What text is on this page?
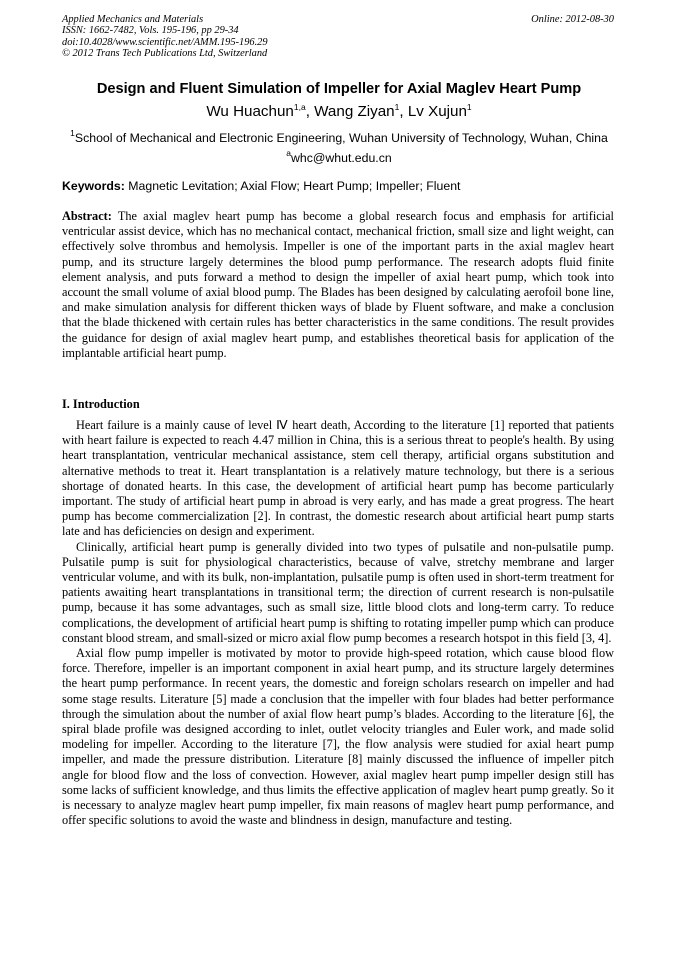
Applied Mechanics and Materials
ISSN: 1662-7482, Vols. 195-196, pp 29-34
doi:10.4028/www.scientific.net/AMM.195-196.29
© 2012 Trans Tech Publications Ltd, Switzerland
Online: 2012-08-30
Design and Fluent Simulation of Impeller for Axial Maglev Heart Pump
Wu Huachun$^{1,a}$, Wang Ziyan$^1$, Lv Xujun$^1$
$^1$School of Mechanical and Electronic Engineering, Wuhan University of Technology, Wuhan, China
$^a$whc@whut.edu.cn
Keywords: Magnetic Levitation; Axial Flow; Heart Pump; Impeller; Fluent
Abstract: The axial maglev heart pump has become a global research focus and emphasis for artificial ventricular assist device, which has no mechanical contact, mechanical friction, small size and light weight, can effectively solve thrombus and hemolysis. Impeller is one of the important parts in the axial maglev heart pump, and its structure largely determines the blood pump performance. The research adopts fluid finite element analysis, and puts forward a method to design the impeller of axial heart pump, which took into account the small volume of axial blood pump. The Blades has been designed by calculating aerofoil bone line, and make simulation analysis for different thicken ways of blade by Fluent software, and make a conclusion that the blade thickened with certain rules has better characteristics in the same conditions. The result provides the guidance for design of axial maglev heart pump, and establishes theoretical basis for application of the implantable artificial heart pump.
I. Introduction

Heart failure is a mainly cause of level Ⅳ heart death, According to the literature [1] reported that patients with heart failure is expected to reach 4.47 million in China, this is a serious threat to people's health. By using heart transplantation, ventricular mechanical assistance, stem cell therapy, artificial organs substitution and alternative methods to treat it. Heart transplantation is a relatively mature technology, but there is a serious shortage of donated hearts. In this case, the development of artificial heart pump has become particularly important. The study of artificial heart pump in abroad is very early, and has made a great progress. The heart pump has become commercialization [2]. In contrast, the domestic research about artificial heart pump starts late and has deficiencies on design and experiment.

Clinically, artificial heart pump is generally divided into two types of pulsatile and non-pulsatile pump. Pulsatile pump is suit for physiological characteristics, because of valve, stretchy membrane and larger ventricular volume, and with its bulk, non-implantation, pulsatile pump is often used in short-term treatment for patients awaiting heart transplantations in transitional term; the direction of current research is non-pulsatile pump, because it has some advantages, such as small size, little blood clots and long-term carry. To reduce complications, the development of artificial heart pump is shifting to rotating impeller pump which can produce constant blood stream, and small-sized or micro axial flow pump becomes a research hotspot in this field [3, 4].

Axial flow pump impeller is motivated by motor to provide high-speed rotation, which cause blood flow force. Therefore, impeller is an important component in axial heart pump, and its structure largely determines the heart pump performance. In recent years, the domestic and foreign scholars research on impeller and had some stage results. Literature [5] made a conclusion that the impeller with four blades had better performance through the simulation about the number of axial flow heart pump’s blades. According to the literature [6], the spiral blade profile was designed according to inlet, outlet velocity triangles and Euler work, and made solid modeling for impeller. According to the literature [7], the flow analysis were studied for axial heart pump impeller, and made the pressure distribution. Literature [8] mainly discussed the influence of impeller pitch angle for blood flow and the loss of convection. However, axial maglev heart pump impeller design still has some lacks of sufficient knowledge, and thus limits the effective application of maglev heart pump greatly. So it is necessary to analyze maglev heart pump impeller, fix main reasons of maglev heart pump performance, and offer specific solutions to avoid the waste and blindness in design, manufacture and testing.
